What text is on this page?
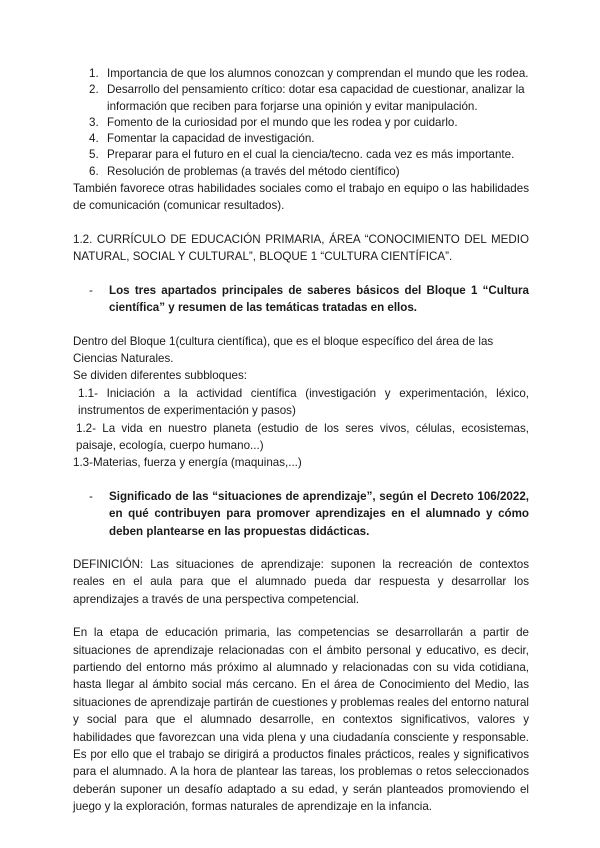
1. Importancia de que los alumnos conozcan y comprendan el mundo que les rodea.
2. Desarrollo del pensamiento crítico: dotar esa capacidad de cuestionar, analizar la información que reciben para forjarse una opinión y evitar manipulación.
3. Fomento de la curiosidad por el mundo que les rodea y por cuidarlo.
4. Fomentar la capacidad de investigación.
5. Preparar para el futuro en el cual la ciencia/tecno. cada vez es más importante.
6. Resolución de problemas (a través del método científico)

También favorece otras habilidades sociales como el trabajo en equipo o las habilidades de comunicación (comunicar resultados).

1.2. CURRÍCULO DE EDUCACIÓN PRIMARIA, ÁREA “CONOCIMIENTO DEL MEDIO NATURAL, SOCIAL Y CULTURAL”, BLOQUE 1 “CULTURA CIENTÍFICA”.

- Los tres apartados principales de saberes básicos del Bloque 1 “Cultura científica” y resumen de las temáticas tratadas en ellos.

Dentro del Bloque 1(cultura científica), que es el bloque específico del área de las Ciencias Naturales.

Se dividen diferentes subbloques:

1.1- Iniciación a la actividad científica (investigación y experimentación, léxico, instrumentos de experimentación y pasos)

1.2- La vida en nuestro planeta (estudio de los seres vivos, células, ecosistemas, paisaje, ecología, cuerpo humano...)

1.3-Materias, fuerza y energía (maquinas,...)

- Significado de las “situaciones de aprendizaje”, según el Decreto 106/2022, en qué contribuyen para promover aprendizajes en el alumnado y cómo deben plantearse en las propuestas didácticas.

DEFINICIÓN: Las situaciones de aprendizaje: suponen la recreación de contextos reales en el aula para que el alumnado pueda dar respuesta y desarrollar los aprendizajes a través de una perspectiva competencial.

En la etapa de educación primaria, las competencias se desarrollarán a partir de situaciones de aprendizaje relacionadas con el ámbito personal y educativo, es decir, partiendo del entorno más próximo al alumnado y relacionadas con su vida cotidiana, hasta llegar al ámbito social más cercano. En el área de Conocimiento del Medio, las situaciones de aprendizaje partirán de cuestiones y problemas reales del entorno natural y social para que el alumnado desarrolle, en contextos significativos, valores y habilidades que favorezcan una vida plena y una ciudadanía consciente y responsable. Es por ello que el trabajo se dirigirá a productos finales prácticos, reales y significativos para el alumnado. A la hora de plantear las tareas, los problemas o retos seleccionados deberán suponer un desafío adaptado a su edad, y serán planteados promoviendo el juego y la exploración, formas naturales de aprendizaje en la infancia.
